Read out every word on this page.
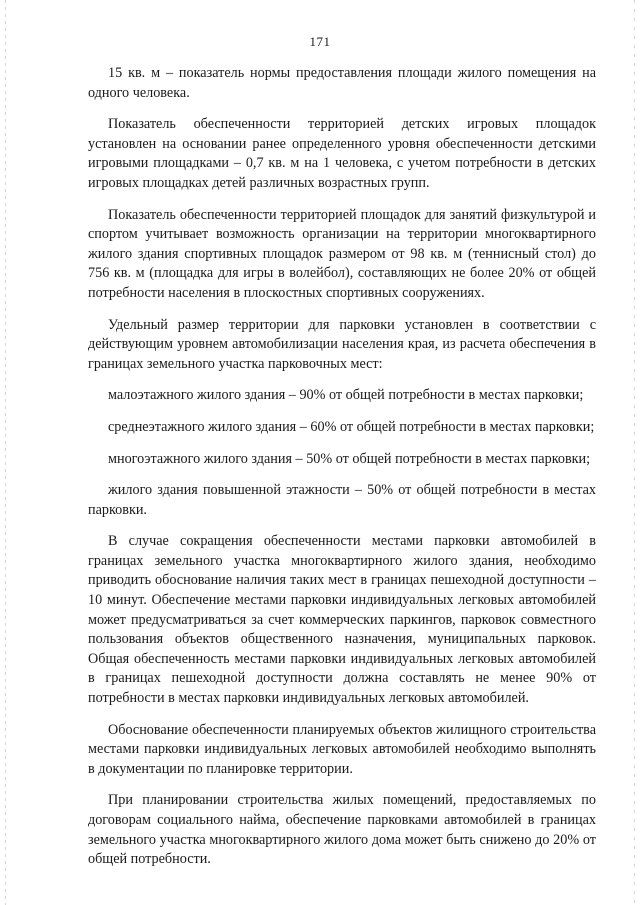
171

15 кв. м – показатель нормы предоставления площади жилого помещения на одного человека.

Показатель обеспеченности территорией детских игровых площадок установлен на основании ранее определенного уровня обеспеченности детскими игровыми площадками – 0,7 кв. м на 1 человека, с учетом потребности в детских игровых площадках детей различных возрастных групп.

Показатель обеспеченности территорией площадок для занятий физкультурой и спортом учитывает возможность организации на территории многоквартирного жилого здания спортивных площадок размером от 98 кв. м (теннисный стол) до 756 кв. м (площадка для игры в волейбол), составляющих не более 20% от общей потребности населения в плоскостных спортивных сооружениях.

Удельный размер территории для парковки установлен в соответствии с действующим уровнем автомобилизации населения края, из расчета обеспечения в границах земельного участка парковочных мест:

малоэтажного жилого здания – 90% от общей потребности в местах парковки;

среднеэтажного жилого здания – 60% от общей потребности в местах парковки;

многоэтажного жилого здания – 50% от общей потребности в местах парковки;

жилого здания повышенной этажности – 50% от общей потребности в местах парковки.

В случае сокращения обеспеченности местами парковки автомобилей в границах земельного участка многоквартирного жилого здания, необходимо приводить обоснование наличия таких мест в границах пешеходной доступности – 10 минут. Обеспечение местами парковки индивидуальных легковых автомобилей может предусматриваться за счет коммерческих паркингов, парковок совместного пользования объектов общественного назначения, муниципальных парковок. Общая обеспеченность местами парковки индивидуальных легковых автомобилей в границах пешеходной доступности должна составлять не менее 90% от потребности в местах парковки индивидуальных легковых автомобилей.

Обоснование обеспеченности планируемых объектов жилищного строительства местами парковки индивидуальных легковых автомобилей необходимо выполнять в документации по планировке территории.

При планировании строительства жилых помещений, предоставляемых по договорам социального найма, обеспечение парковками автомобилей в границах земельного участка многоквартирного жилого дома может быть снижено до 20% от общей потребности.
